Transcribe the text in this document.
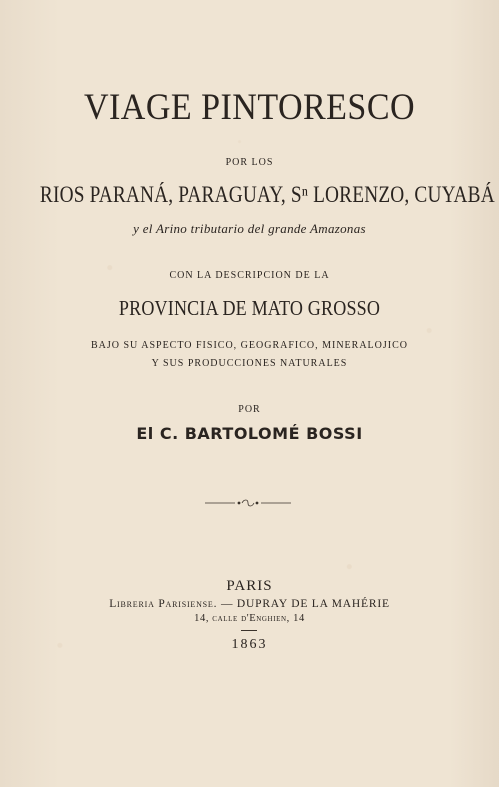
VIAGE PINTORESCO
POR LOS
RIOS PARANÁ, PARAGUAY, Sⁿ LORENZO, CUYABÁ
y el Arino tributario del grande Amazonas
CON LA DESCRIPCION DE LA
PROVINCIA DE MATO GROSSO
BAJO SU ASPECTO FISICO, GEOGRAFICO, MINERALOJICO
Y SUS PRODUCCIONES NATURALES
POR
El C. BARTOLOMÉ BOSSI
PARIS
Libreria Parisiense. — DUPRAY DE LA MAHÉRIE
14, calle d'Enghien, 14
1863
